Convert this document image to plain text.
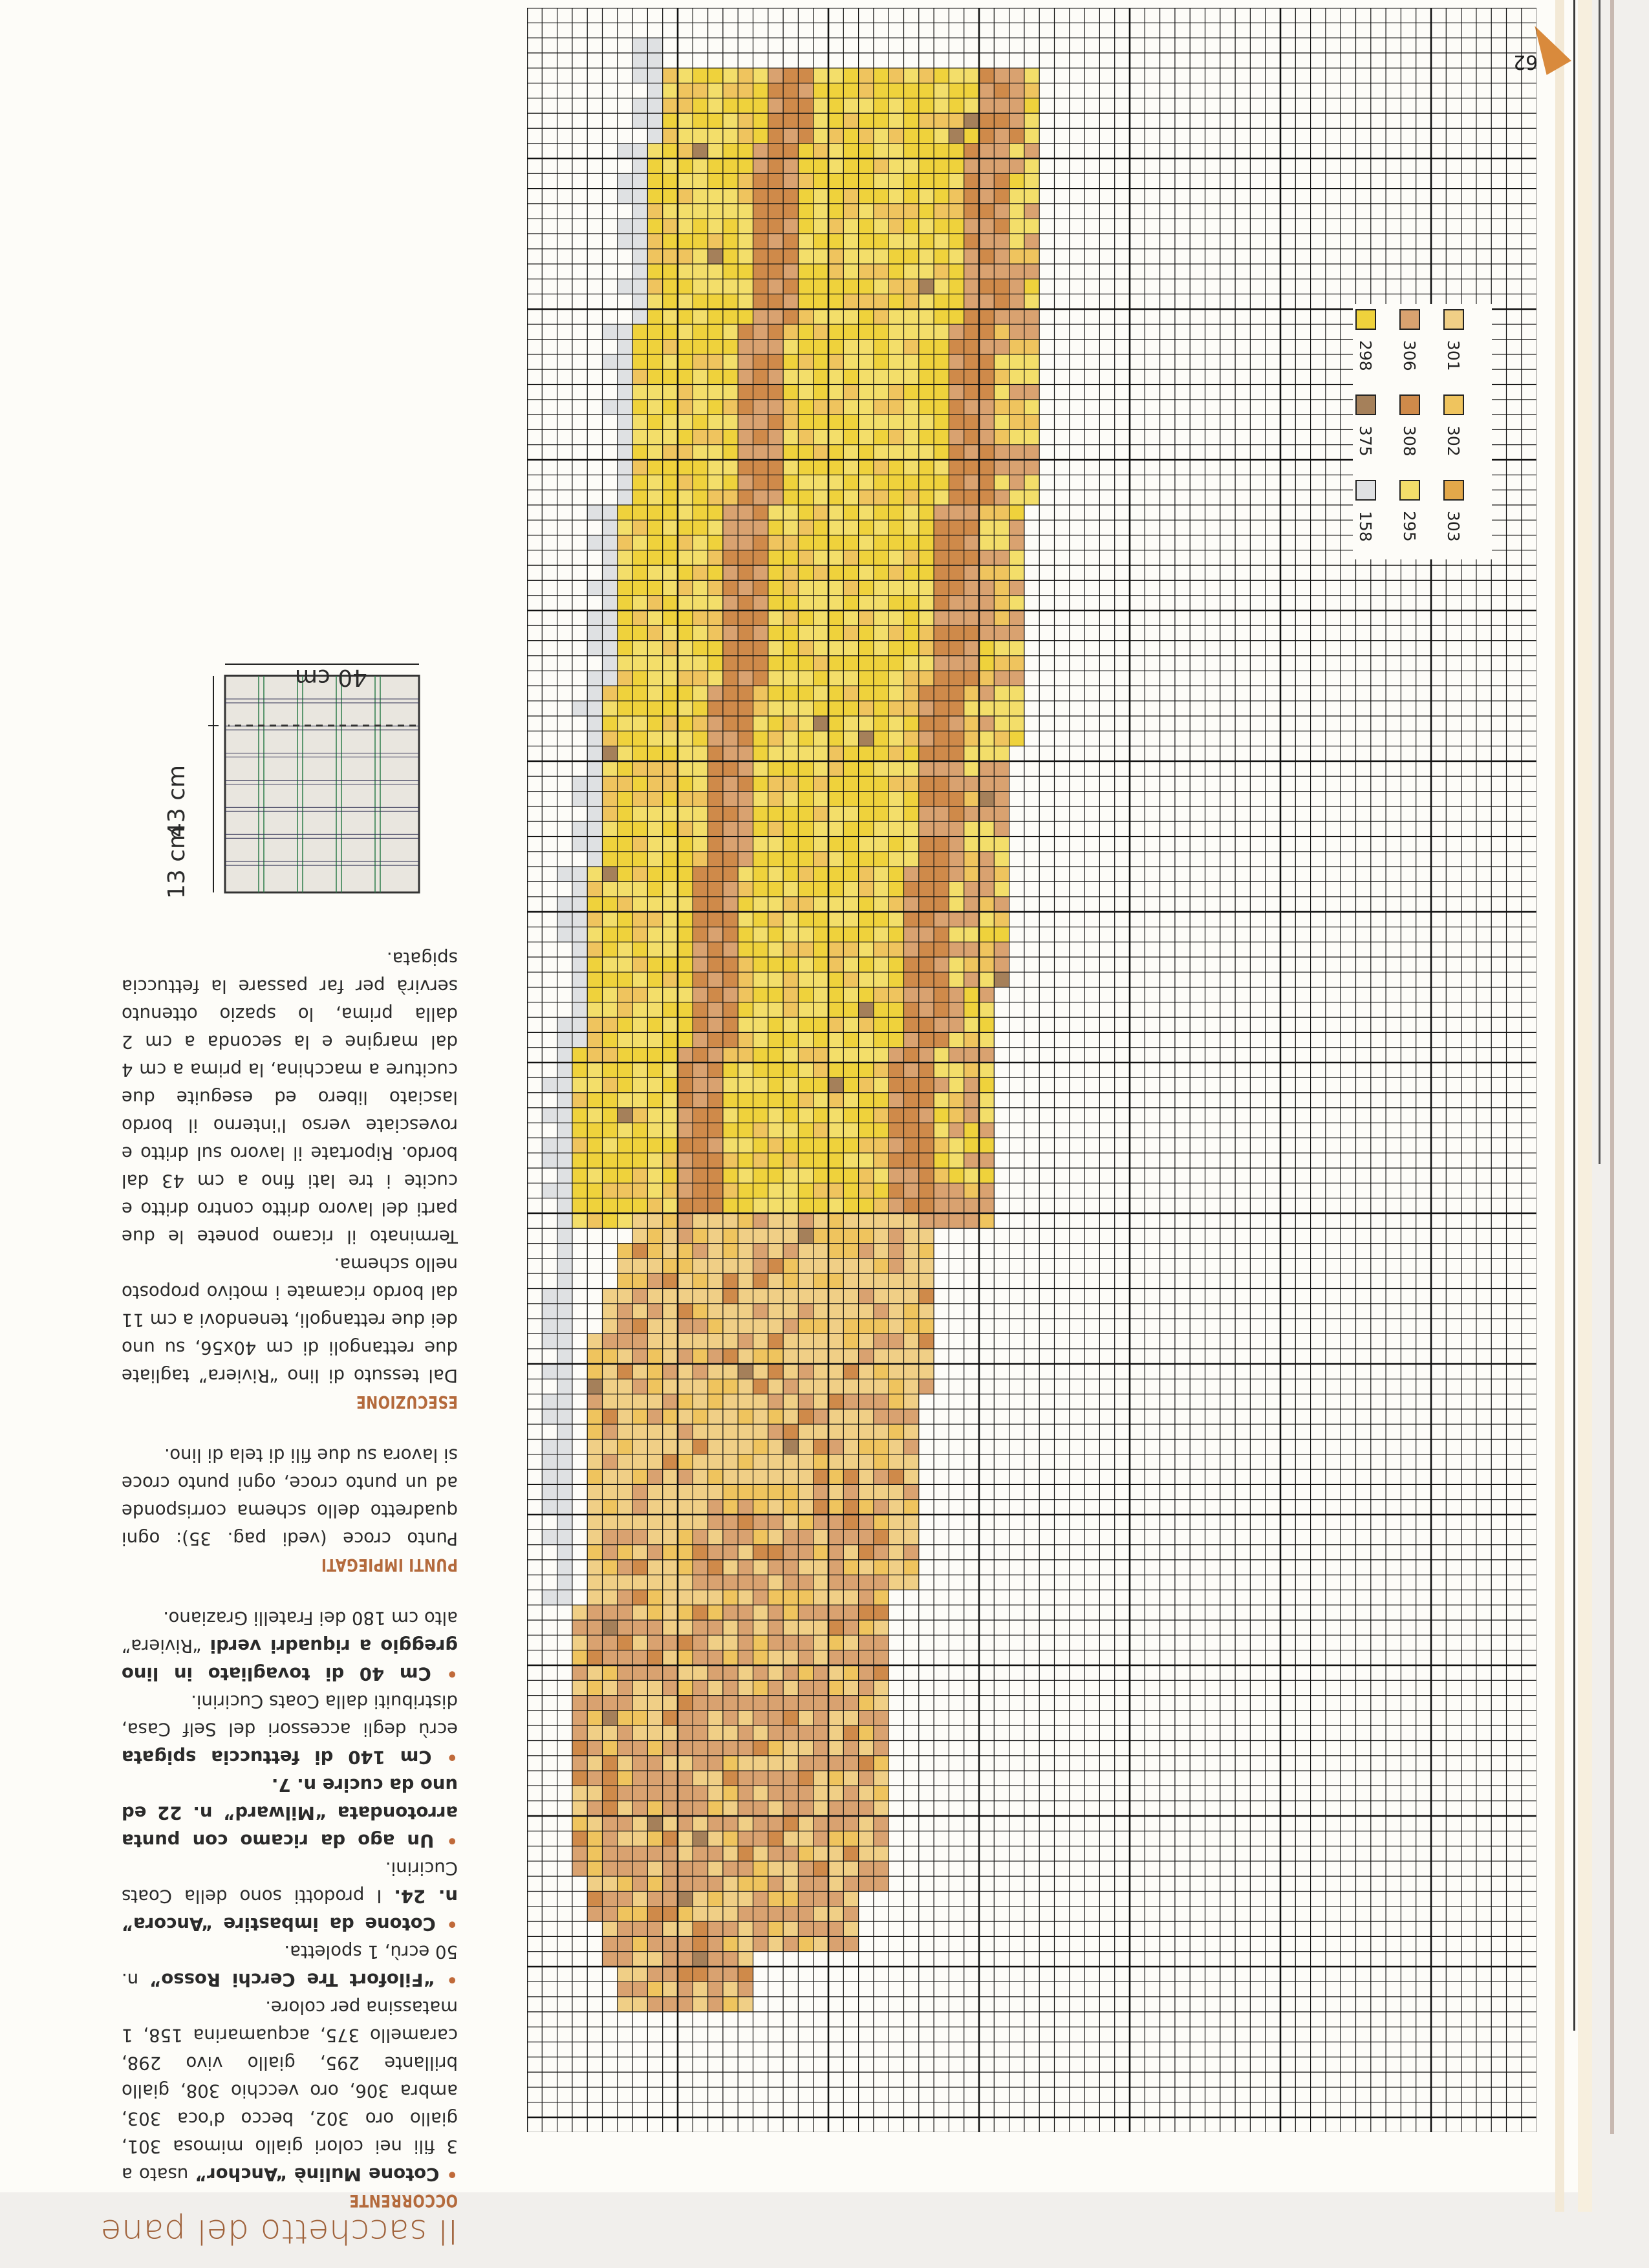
62
Il sacchetto del pane
OCCORRENTE
• Cotone Mulinè “Anchor” usato a 3 fili nei colori giallo mimosa 301, giallo oro 302, becco d'oca 303, ambra 306, oro vecchio 308, giallo brillante 295, giallo vivo 298, caramello 375, acquamarina 158, 1 matassina per colore.
• “Filofort Tre Cerchi Rosso” n. 50 ecrù, 1 spoletta.
• Cotone da imbastire “Ancora” n. 24. I prodotti sono della Coats Cucirini.
• Un ago da ricamo con punta arrotondata “Milward” n. 22 ed uno da cucire n. 7.
• Cm 140 di fettuccia spigata ecrù degli accessori del Self Casa, distribuiti dalla Coats Cucirini.
• Cm 40 di tovagliato in lino greggio a riquadri verdi “Riviera” alto cm 180 dei Fratelli Graziano.
PUNTI IMPIEGATI
Punto croce (vedi pag. 35): ogni quadretto dello schema corrisponde ad un punto croce, ogni punto croce si lavora su due fili di tela di lino.
ESECUZIONE
Dal tessuto di lino “Riviera” tagliate due rettangoli di cm 40x56, su uno dei due rettangoli, tenendovi a cm 11 dal bordo ricamate i motivo proposto nello schema.
Terminato il ricamo ponete le due parti del lavoro dritto contro dritto e cucite i tre lati fino a cm 43 dal bordo. Riportate il lavoro sul dritto e rovesciate verso l'interno il bordo lasciato libero ed eseguite due cuciture a macchina, la prima a cm 4 dal margine e la seconda a cm 2 dalla prima, lo spazio ottenuto servirà per far passare la fettuccia spigata.
40 cm
43 cm
13 cm
301
302
303
306
308
295
298
375
158
